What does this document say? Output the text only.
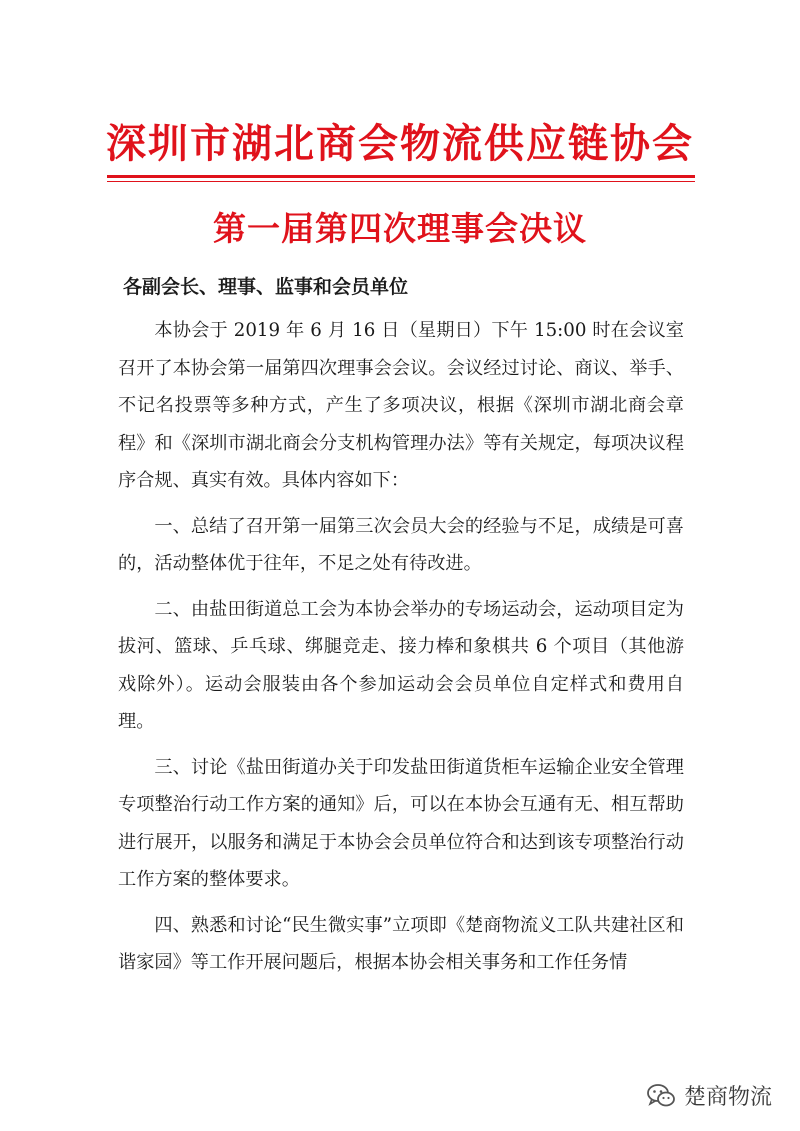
深圳市湖北商会物流供应链协会
第一届第四次理事会决议
各副会长、理事、监事和会员单位

本协会于 2019 年 6 月 16 日（星期日）下午 15:00 时在会议室召开了本协会第一届第四次理事会会议。会议经过讨论、商议、举手、不记名投票等多种方式，产生了多项决议，根据《深圳市湖北商会章程》和《深圳市湖北商会分支机构管理办法》等有关规定，每项决议程序合规、真实有效。具体内容如下：

一、总结了召开第一届第三次会员大会的经验与不足，成绩是可喜的，活动整体优于往年，不足之处有待改进。

二、由盐田街道总工会为本协会举办的专场运动会，运动项目定为拔河、篮球、乒乓球、绑腿竞走、接力棒和象棋共 6 个项目（其他游戏除外）。运动会服装由各个参加运动会会员单位自定样式和费用自理。

三、讨论《盐田街道办关于印发盐田街道货柜车运输企业安全管理专项整治行动工作方案的通知》后，可以在本协会互通有无、相互帮助进行展开，以服务和满足于本协会会员单位符合和达到该专项整治行动工作方案的整体要求。

四、熟悉和讨论“民生微实事”立项即《楚商物流义工队共建社区和谐家园》等工作开展问题后，根据本协会相关事务和工作任务情

楚商物流
